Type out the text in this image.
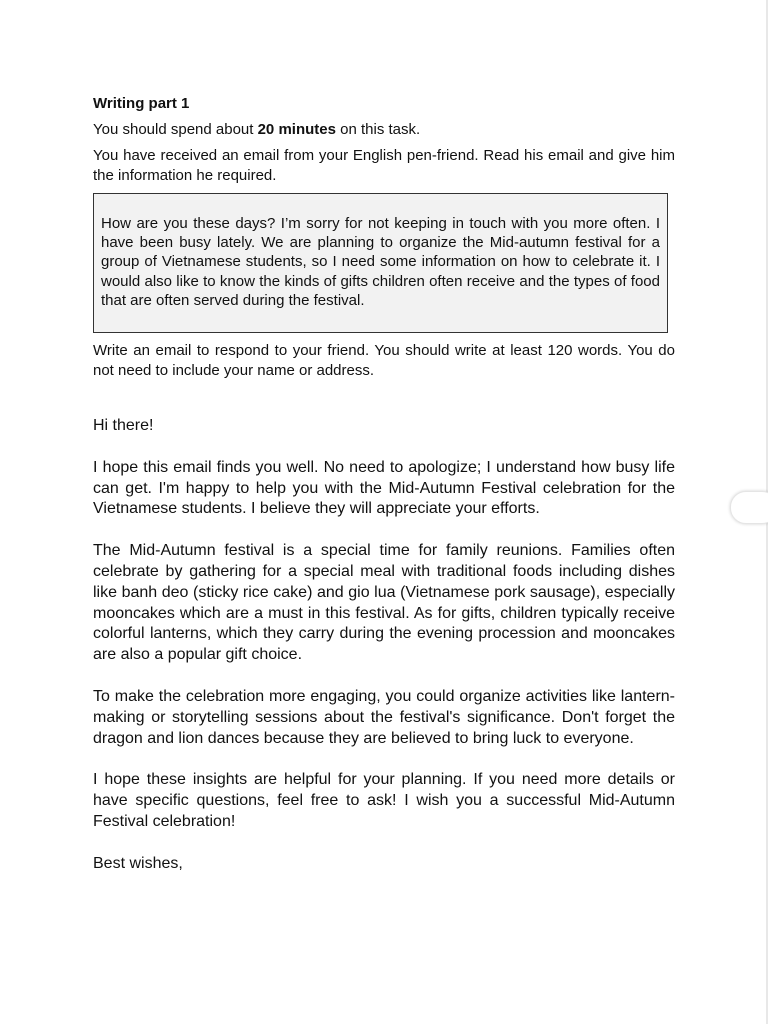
Writing part 1

You should spend about 20 minutes on this task.

You have received an email from your English pen-friend. Read his email and give him the information he required.

How are you these days? I’m sorry for not keeping in touch with you more often. I have been busy lately. We are planning to organize the Mid-autumn festival for a group of Vietnamese students, so I need some information on how to celebrate it. I would also like to know the kinds of gifts children often receive and the types of food that are often served during the festival.

Write an email to respond to your friend. You should write at least 120 words. You do not need to include your name or address.

Hi there!

I hope this email finds you well. No need to apologize; I understand how busy life can get. I'm happy to help you with the Mid-Autumn Festival celebration for the Vietnamese students. I believe they will appreciate your efforts.

The Mid-Autumn festival is a special time for family reunions. Families often celebrate by gathering for a special meal with traditional foods including dishes like banh deo (sticky rice cake) and gio lua (Vietnamese pork sausage), especially mooncakes which are a must in this festival. As for gifts, children typically receive colorful lanterns, which they carry during the evening procession and mooncakes are also a popular gift choice.

To make the celebration more engaging, you could organize activities like lantern-making or storytelling sessions about the festival's significance. Don't forget the dragon and lion dances because they are believed to bring luck to everyone.

I hope these insights are helpful for your planning. If you need more details or have specific questions, feel free to ask! I wish you a successful Mid-Autumn Festival celebration!

Best wishes,
